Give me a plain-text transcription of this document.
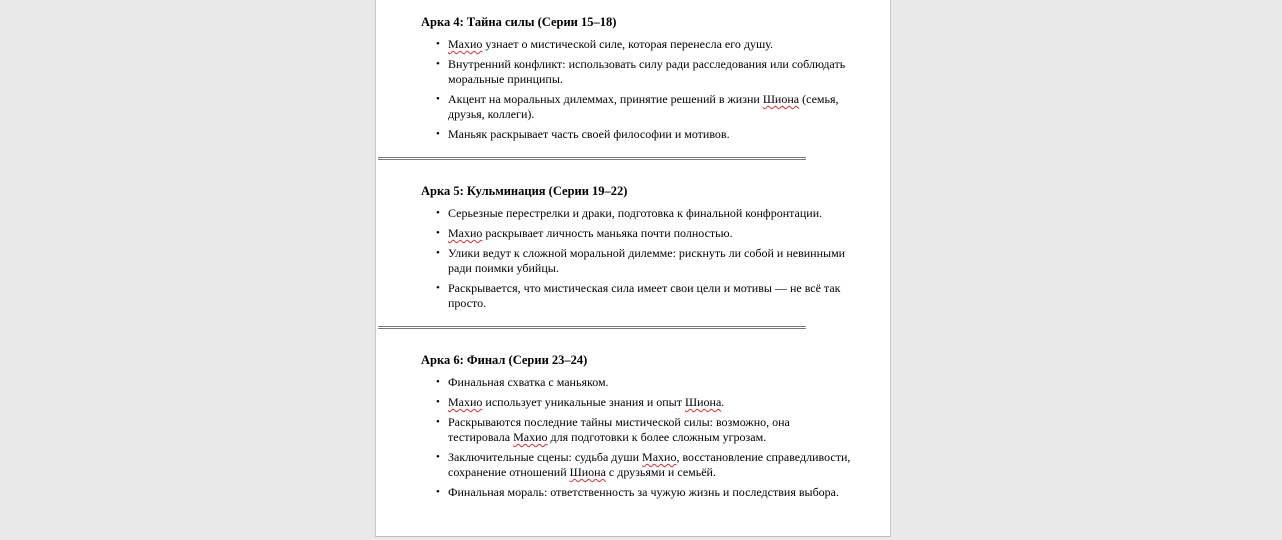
Арка 4: Тайна силы (Серии 15–18)
• Махио узнает о мистической силе, которая перенесла его душу.
• Внутренний конфликт: использовать силу ради расследования или соблюдать моральные принципы.
• Акцент на моральных дилеммах, принятие решений в жизни Шиона (семья, друзья, коллеги).
• Маньяк раскрывает часть своей философии и мотивов.
Арка 5: Кульминация (Серии 19–22)
• Серьезные перестрелки и драки, подготовка к финальной конфронтации.
• Махио раскрывает личность маньяка почти полностью.
• Улики ведут к сложной моральной дилемме: рискнуть ли собой и невинными ради поимки убийцы.
• Раскрывается, что мистическая сила имеет свои цели и мотивы — не всё так просто.
Арка 6: Финал (Серии 23–24)
• Финальная схватка с маньяком.
• Махио использует уникальные знания и опыт Шиона.
• Раскрываются последние тайны мистической силы: возможно, она тестировала Махио для подготовки к более сложным угрозам.
• Заключительные сцены: судьба души Махио, восстановление справедливости, сохранение отношений Шиона с друзьями и семьёй.
• Финальная мораль: ответственность за чужую жизнь и последствия выбора.
